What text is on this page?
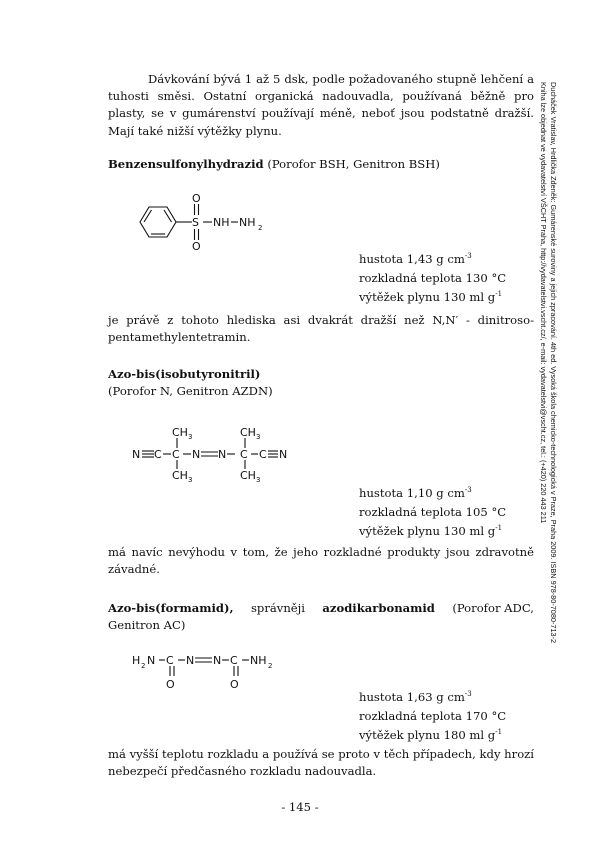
Ducháček Vratislav, Hrdlička Zdeněk: Gumárenské suroviny a jejich zpracování. 4th ed. Vysoká škola chemicko-technologická v Praze, Praha 2009. ISBN 978-80-7080-713-2
Kniha lze objednat ve vydavatelství VŠCHT Praha, http://vydavatelstvi.vscht.cz/, e-mail: vydavatelstvi@vscht.cz, tel.: (+420) 220 443 211
Dávkování bývá 1 až 5 dsk, podle požadovaného stupně lehčení a tuhosti směsi. Ostatní organická nadouvadla, používaná běžně pro plasty, se v gumárenství používají méně, neboť jsou podstatně dražší. Mají také nižší výtěžky plynu.
Benzensulfonylhydrazid (Porofor BSH, Genitron BSH)
S
O
O
NH NH 2
hustota 1,43 g $cm^{-3}$
rozkladná teplota 130 °C
výtěžek plynu 130 ml $g^{-1}$
je právě z tohoto hlediska asi dvakrát dražší než N,N′ - dinitroso-pentamethylentetramin.
Azo-bis(isobutyronitril)
(Porofor N, Genitron AZDN)
N C C
CH 3
CH 3
N N C
CH 3
CH 3
C N
hustota 1,10 g $cm^{-3}$
rozkladná teplota 105 °C
výtěžek plynu 130 ml $g^{-1}$
má navíc nevýhodu v tom, že jeho rozkladné produkty jsou zdravotně závadné.
Azo-bis(formamid), správněji azodikarbonamid (Porofor ADC,
Genitron AC)
H 2 N C
O
N N C
O
NH 2
hustota 1,63 g $cm^{-3}$
rozkladná teplota 170 °C
výtěžek plynu 180 ml $g^{-1}$
má vyšší teplotu rozkladu a používá se proto v těch případech, kdy hrozí nebezpečí předčasného rozkladu nadouvadla.
- 145 -
